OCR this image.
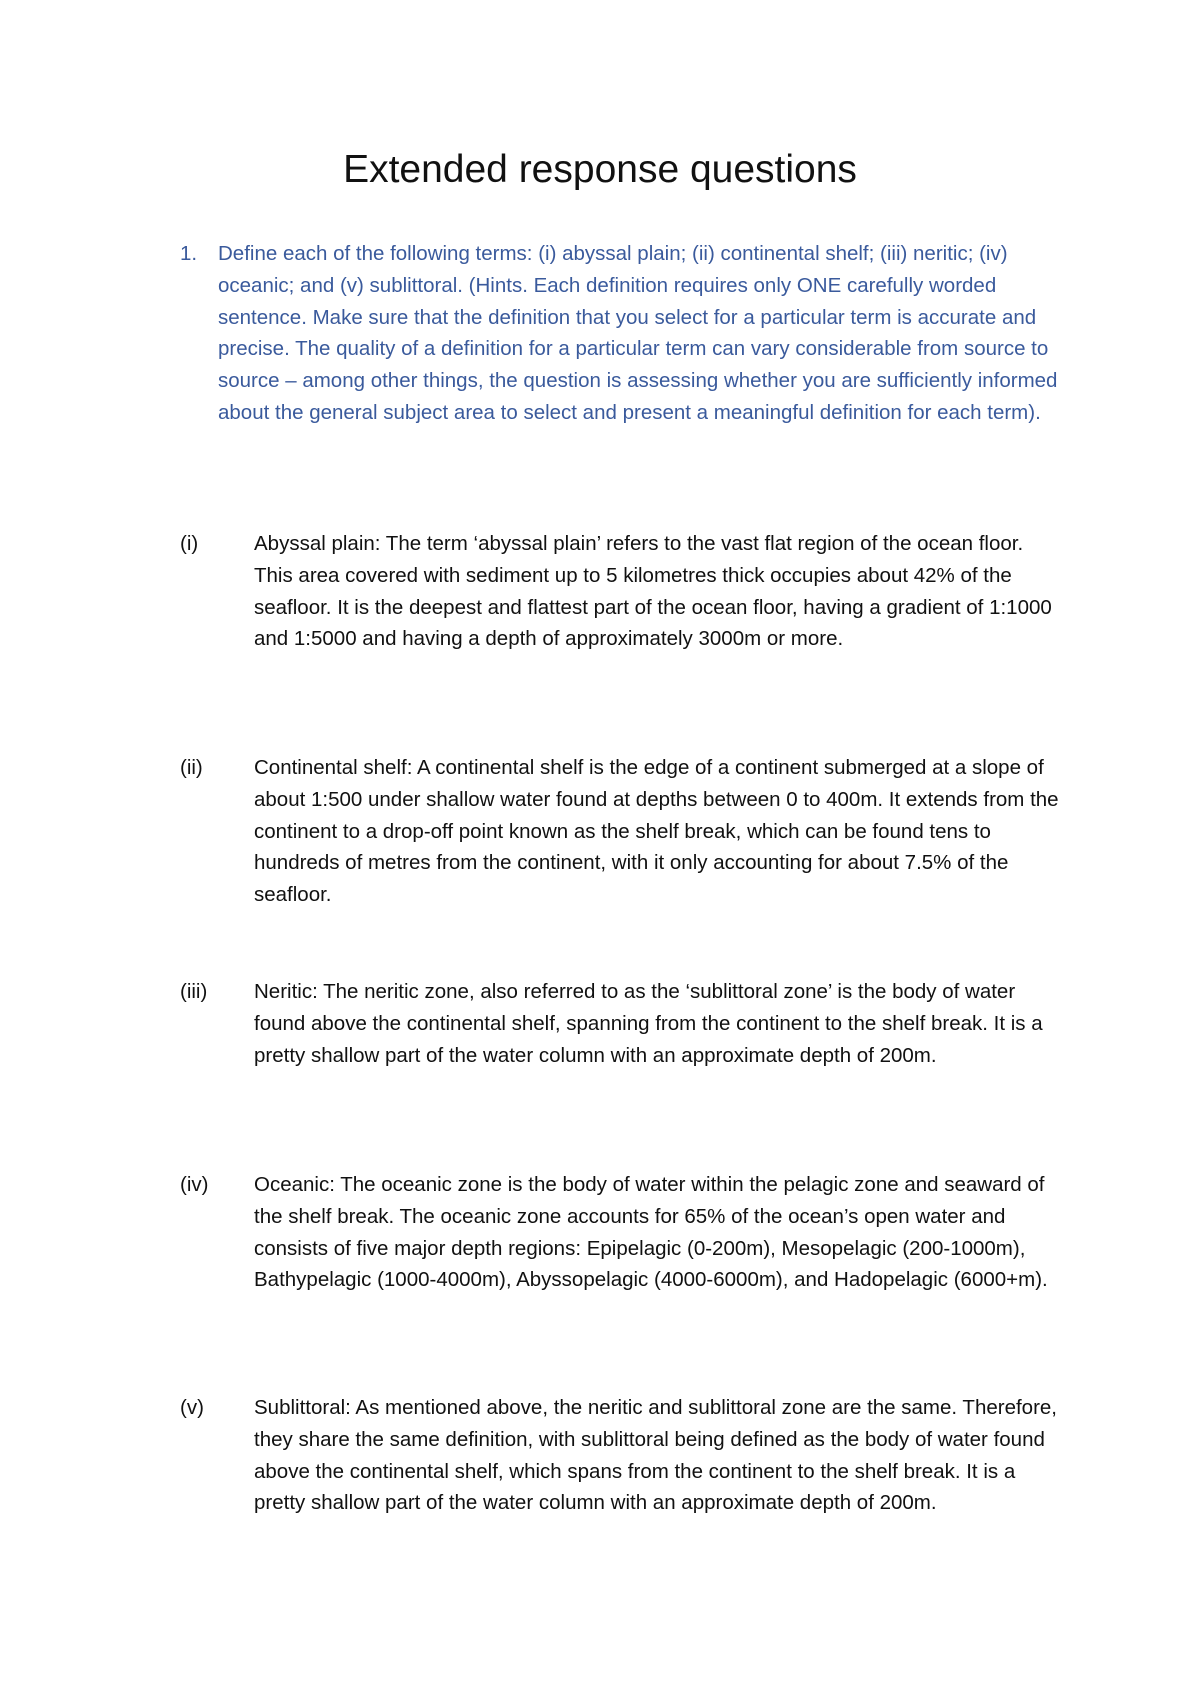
Extended response questions
1. Define each of the following terms: (i) abyssal plain; (ii) continental shelf; (iii) neritic; (iv) oceanic; and (v) sublittoral. (Hints. Each definition requires only ONE carefully worded sentence. Make sure that the definition that you select for a particular term is accurate and precise. The quality of a definition for a particular term can vary considerable from source to source – among other things, the question is assessing whether you are sufficiently informed about the general subject area to select and present a meaningful definition for each term).
(i)	Abyssal plain: The term ‘abyssal plain’ refers to the vast flat region of the ocean floor. This area covered with sediment up to 5 kilometres thick occupies about 42% of the seafloor. It is the deepest and flattest part of the ocean floor, having a gradient of 1:1000 and 1:5000 and having a depth of approximately 3000m or more.
(ii) Continental shelf: A continental shelf is the edge of a continent submerged at a slope of about 1:500 under shallow water found at depths between 0 to 400m. It extends from the continent to a drop-off point known as the shelf break, which can be found tens to hundreds of metres from the continent, with it only accounting for about 7.5% of the seafloor.
(iii) Neritic: The neritic zone, also referred to as the ‘sublittoral zone’ is the body of water found above the continental shelf, spanning from the continent to the shelf break. It is a pretty shallow part of the water column with an approximate depth of 200m.
(iv) Oceanic: The oceanic zone is the body of water within the pelagic zone and seaward of the shelf break. The oceanic zone accounts for 65% of the ocean’s open water and consists of five major depth regions: Epipelagic (0-200m), Mesopelagic (200-1000m), Bathypelagic (1000-4000m), Abyssopelagic (4000-6000m), and Hadopelagic (6000+m).
(v) Sublittoral: As mentioned above, the neritic and sublittoral zone are the same. Therefore, they share the same definition, with sublittoral being defined as the body of water found above the continental shelf, which spans from the continent to the shelf break. It is a pretty shallow part of the water column with an approximate depth of 200m.
